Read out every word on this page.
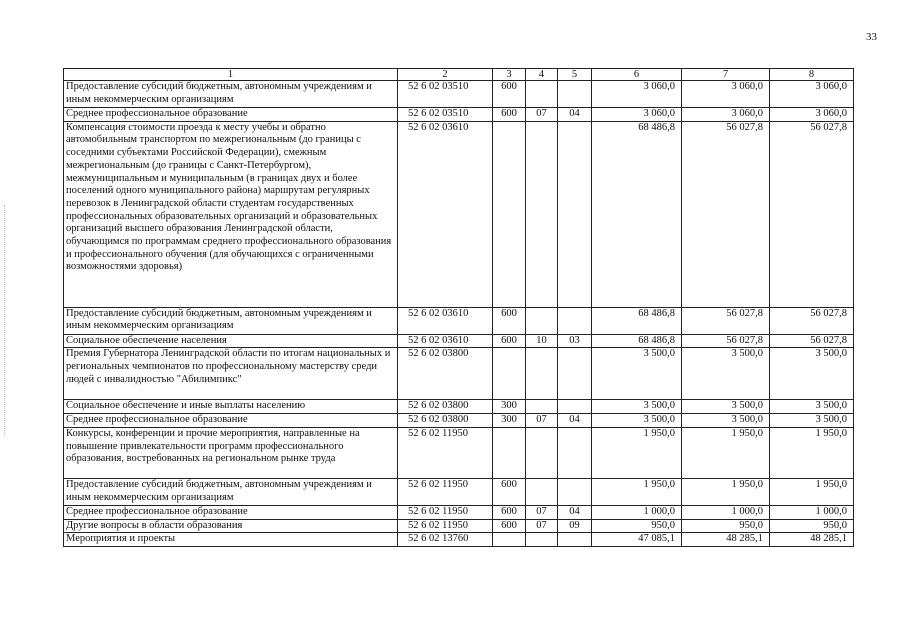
33
1	2	3	4	5	6	7	8
Предоставление субсидий бюджетным, автономным учреждениям и иным некоммерческим организациям	52 6 02 03510	600			3 060,0	3 060,0	3 060,0
Среднее профессиональное образование	52 6 02 03510	600	07	04	3 060,0	3 060,0	3 060,0
Компенсация стоимости проезда к месту учебы и обратно автомобильным транспортом по межрегиональным (до границы с соседними субъектами Российской Федерации), смежным межрегиональным (до границы с Санкт-Петербургом), межмуниципальным и муниципальным (в границах двух и более поселений одного муниципального района) маршрутам регулярных перевозок в Ленинградской области студентам государственных профессиональных образовательных организаций и образовательных организаций высшего образования Ленинградской области, обучающимся по программам среднего профессионального образования и профессионального обучения (для обучающихся с ограниченными возможностями здоровья)	52 6 02 03610				68 486,8	56 027,8	56 027,8
Предоставление субсидий бюджетным, автономным учреждениям и иным некоммерческим организациям	52 6 02 03610	600			68 486,8	56 027,8	56 027,8
Социальное обеспечение населения	52 6 02 03610	600	10	03	68 486,8	56 027,8	56 027,8
Премия Губернатора Ленинградской области по итогам национальных и региональных чемпионатов по профессиональному мастерству среди людей с инвалидностью "Абилимпикс"	52 6 02 03800				3 500,0	3 500,0	3 500,0
Социальное обеспечение и иные выплаты населению	52 6 02 03800	300			3 500,0	3 500,0	3 500,0
Среднее профессиональное образование	52 6 02 03800	300	07	04	3 500,0	3 500,0	3 500,0
Конкурсы, конференции и прочие мероприятия, направленные на повышение привлекательности программ профессионального образования, востребованных на региональном рынке труда	52 6 02 11950				1 950,0	1 950,0	1 950,0
Предоставление субсидий бюджетным, автономным учреждениям и иным некоммерческим организациям	52 6 02 11950	600			1 950,0	1 950,0	1 950,0
Среднее профессиональное образование	52 6 02 11950	600	07	04	1 000,0	1 000,0	1 000,0
Другие вопросы в области образования	52 6 02 11950	600	07	09	950,0	950,0	950,0
Мероприятия и проекты	52 6 02 13760				47 085,1	48 285,1	48 285,1
